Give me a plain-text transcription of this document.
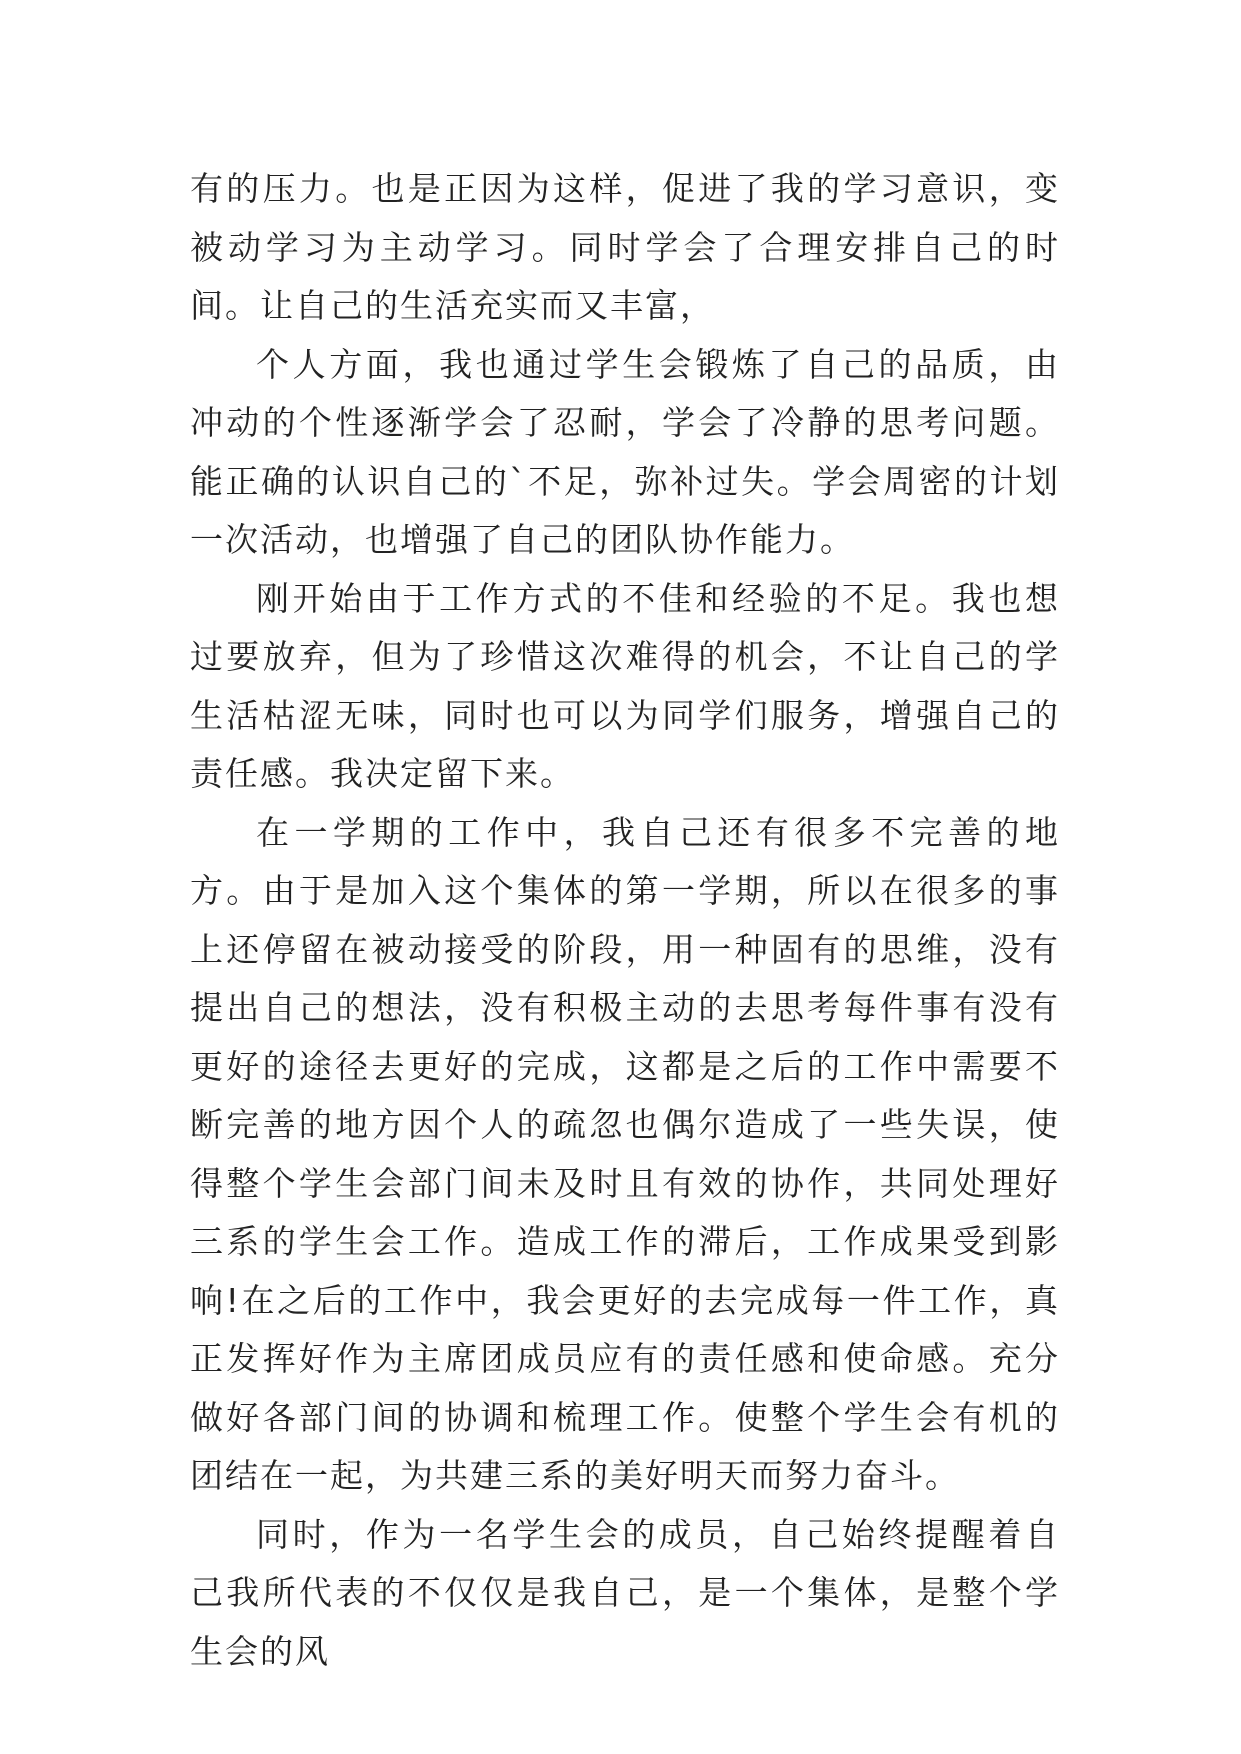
有的压力。也是正因为这样，促进了我的学习意识，变被动学习为主动学习。同时学会了合理安排自己的时间。让自己的生活充实而又丰富，

个人方面，我也通过学生会锻炼了自己的品质，由冲动的个性逐渐学会了忍耐，学会了冷静的思考问题。能正确的认识自己的`不足，弥补过失。学会周密的计划一次活动，也增强了自己的团队协作能力。

刚开始由于工作方式的不佳和经验的不足。我也想过要放弃，但为了珍惜这次难得的机会，不让自己的学生活枯涩无味，同时也可以为同学们服务，增强自己的责任感。我决定留下来。

在一学期的工作中，我自己还有很多不完善的地方。由于是加入这个集体的第一学期，所以在很多的事上还停留在被动接受的阶段，用一种固有的思维，没有提出自己的想法，没有积极主动的去思考每件事有没有更好的途径去更好的完成，这都是之后的工作中需要不断完善的地方因个人的疏忽也偶尔造成了一些失误，使得整个学生会部门间未及时且有效的协作，共同处理好三系的学生会工作。造成工作的滞后，工作成果受到影响!在之后的工作中，我会更好的去完成每一件工作，真正发挥好作为主席团成员应有的责任感和使命感。充分做好各部门间的协调和梳理工作。使整个学生会有机的团结在一起，为共建三系的美好明天而努力奋斗。

同时，作为一名学生会的成员，自己始终提醒着自己我所代表的不仅仅是我自己，是一个集体，是整个学生会的风
